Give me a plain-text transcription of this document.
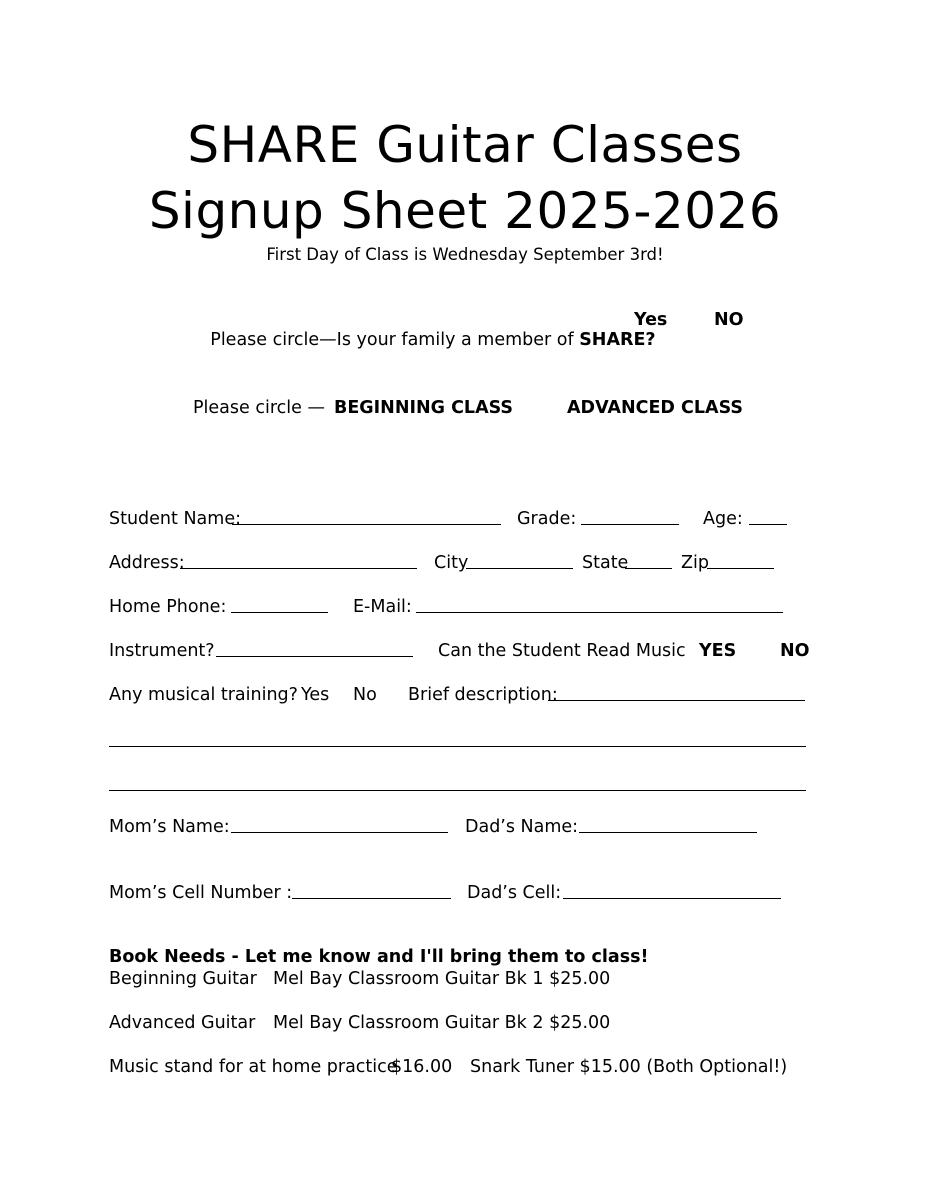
SHARE Guitar Classes
Signup Sheet 2025-2026
First Day of Class is Wednesday September 3rd!

Please circle—Is your family a member of SHARE?

Yes	NO
Please circle — BEGINNING CLASS	ADVANCED CLASS
Student Name:	Grade:	Age:
Address:	City	State	Zip
Home Phone:	E-Mail:
Instrument?	Can the Student Read Music YES	NO
Any musical training? Yes No Brief description:
Mom’s Name:	Dad’s Name:
Mom’s Cell Number :	Dad’s Cell:
Book Needs - Let me know and I'll bring them to class!
Beginning Guitar Mel Bay Classroom Guitar Bk 1 $25.00
Advanced Guitar Mel Bay Classroom Guitar Bk 2 $25.00
Music stand for at home practice
$16.00 Snark Tuner $15.00 (Both Optional!)
